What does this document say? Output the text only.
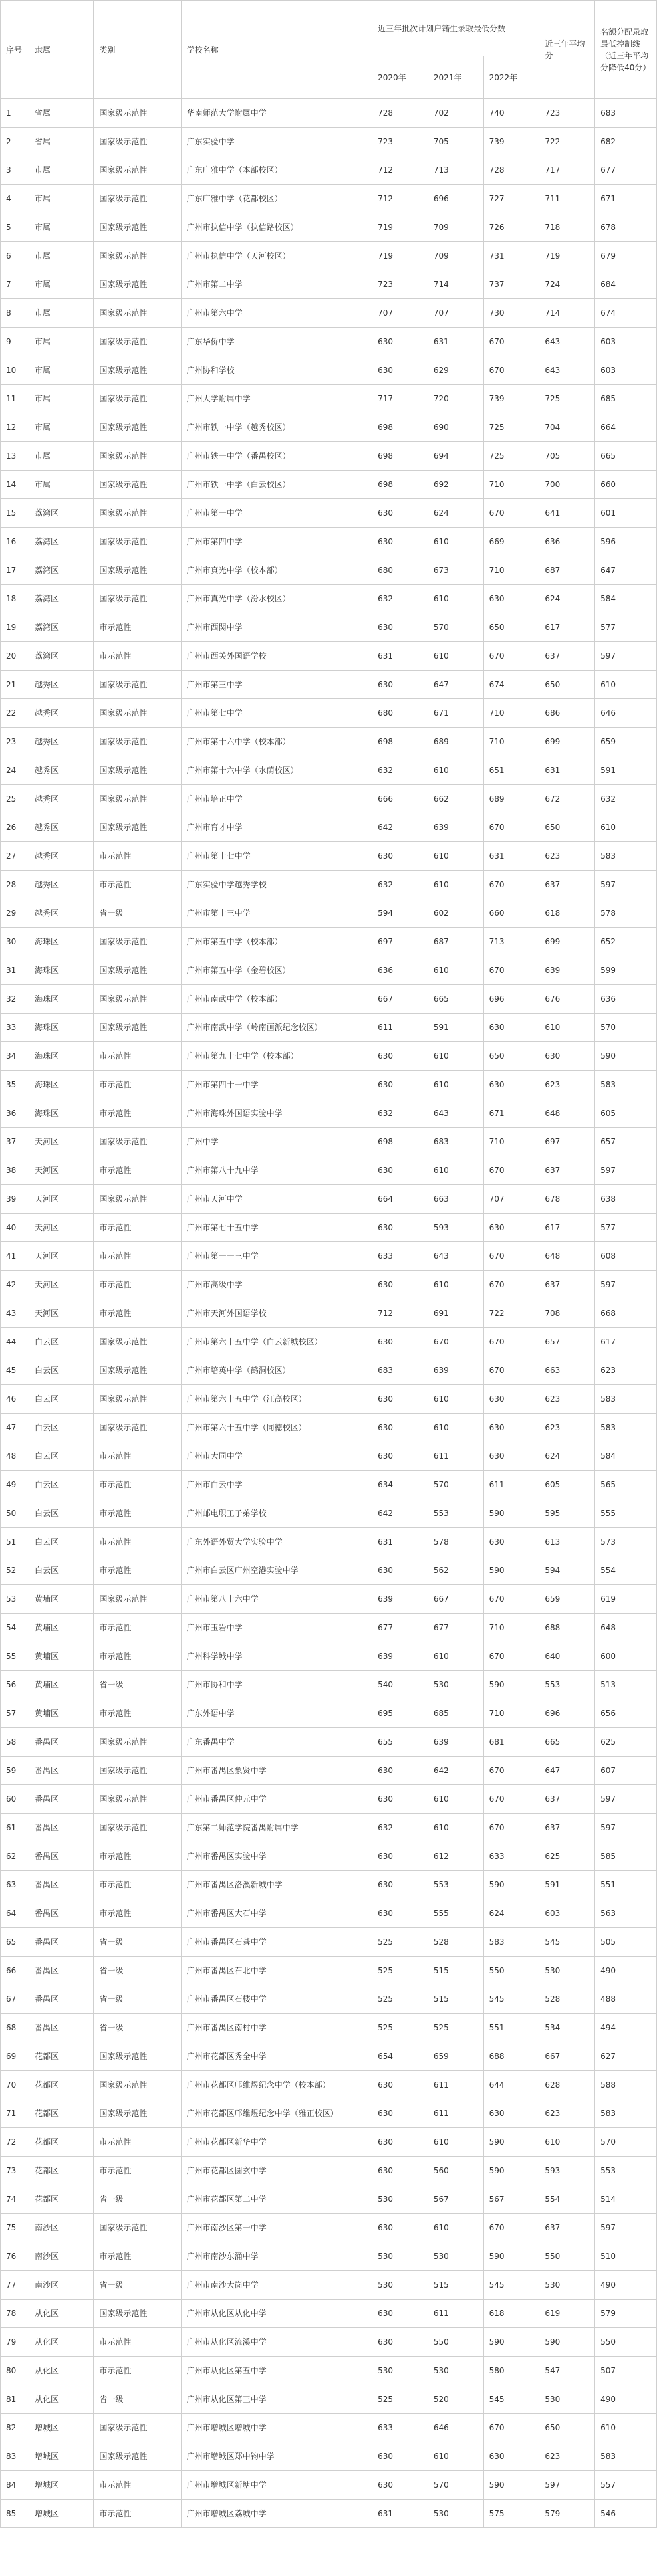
序号	隶属	类别	学校名称	近三年批次计划户籍生录取最低分数			近三年平均分	名额分配录取最低控制线（近三年平均分降低40分）
				2020年	2021年	2022年		
1	省属	国家级示范性	华南师范大学附属中学	728	702	740	723	683
2	省属	国家级示范性	广东实验中学	723	705	739	722	682
3	市属	国家级示范性	广东广雅中学（本部校区）	712	713	728	717	677
4	市属	国家级示范性	广东广雅中学（花都校区）	712	696	727	711	671
5	市属	国家级示范性	广州市执信中学（执信路校区）	719	709	726	718	678
6	市属	国家级示范性	广州市执信中学（天河校区）	719	709	731	719	679
7	市属	国家级示范性	广州市第二中学	723	714	737	724	684
8	市属	国家级示范性	广州市第六中学	707	707	730	714	674
9	市属	国家级示范性	广东华侨中学	630	631	670	643	603
10	市属	国家级示范性	广州协和学校	630	629	670	643	603
11	市属	国家级示范性	广州大学附属中学	717	720	739	725	685
12	市属	国家级示范性	广州市铁一中学（越秀校区）	698	690	725	704	664
13	市属	国家级示范性	广州市铁一中学（番禺校区）	698	694	725	705	665
14	市属	国家级示范性	广州市铁一中学（白云校区）	698	692	710	700	660
15	荔湾区	国家级示范性	广州市第一中学	630	624	670	641	601
16	荔湾区	国家级示范性	广州市第四中学	630	610	669	636	596
17	荔湾区	国家级示范性	广州市真光中学（校本部）	680	673	710	687	647
18	荔湾区	国家级示范性	广州市真光中学（汾水校区）	632	610	630	624	584
19	荔湾区	市示范性	广州市西関中学	630	570	650	617	577
20	荔湾区	市示范性	广州市西关外国语学校	631	610	670	637	597
21	越秀区	国家级示范性	广州市第三中学	630	647	674	650	610
22	越秀区	国家级示范性	广州市第七中学	680	671	710	686	646
23	越秀区	国家级示范性	广州市第十六中学（校本部）	698	689	710	699	659
24	越秀区	国家级示范性	广州市第十六中学（水荫校区）	632	610	651	631	591
25	越秀区	国家级示范性	广州市培正中学	666	662	689	672	632
26	越秀区	国家级示范性	广州市育才中学	642	639	670	650	610
27	越秀区	市示范性	广州市第十七中学	630	610	631	623	583
28	越秀区	市示范性	广东实验中学越秀学校	632	610	670	637	597
29	越秀区	省一级	广州市第十三中学	594	602	660	618	578
30	海珠区	国家级示范性	广州市第五中学（校本部）	697	687	713	699	652
31	海珠区	国家级示范性	广州市第五中学（金碧校区）	636	610	670	639	599
32	海珠区	国家级示范性	广州市南武中学（校本部）	667	665	696	676	636
33	海珠区	国家级示范性	广州市南武中学（岭南画派纪念校区）	611	591	630	610	570
34	海珠区	市示范性	广州市第九十七中学（校本部）	630	610	650	630	590
35	海珠区	市示范性	广州市第四十一中学	630	610	630	623	583
36	海珠区	市示范性	广州市海珠外国语实验中学	632	643	671	648	605
37	天河区	国家级示范性	广州中学	698	683	710	697	657
38	天河区	市示范性	广州市第八十九中学	630	610	670	637	597
39	天河区	国家级示范性	广州市天河中学	664	663	707	678	638
40	天河区	市示范性	广州市第七十五中学	630	593	630	617	577
41	天河区	市示范性	广州市第一一三中学	633	643	670	648	608
42	天河区	市示范性	广州市高级中学	630	610	670	637	597
43	天河区	市示范性	广州市天河外国语学校	712	691	722	708	668
44	白云区	国家级示范性	广州市第六十五中学（白云新城校区）	630	670	670	657	617
45	白云区	国家级示范性	广州市培英中学（鹤洞校区）	683	639	670	663	623
46	白云区	国家级示范性	广州市第六十五中学（江高校区）	630	610	630	623	583
47	白云区	国家级示范性	广州市第六十五中学（同德校区）	630	610	630	623	583
48	白云区	市示范性	广州市大同中学	630	611	630	624	584
49	白云区	市示范性	广州市白云中学	634	570	611	605	565
50	白云区	市示范性	广州邮电职工子弟学校	642	553	590	595	555
51	白云区	市示范性	广东外语外贸大学实验中学	631	578	630	613	573
52	白云区	市示范性	广州市白云区广州空港实验中学	630	562	590	594	554
53	黄埔区	国家级示范性	广州市第八十六中学	639	667	670	659	619
54	黄埔区	市示范性	广州市玉岩中学	677	677	710	688	648
55	黄埔区	市示范性	广州科学城中学	639	610	670	640	600
56	黄埔区	省一级	广州市协和中学	540	530	590	553	513
57	黄埔区	市示范性	广东外语中学	695	685	710	696	656
58	番禺区	国家级示范性	广东番禺中学	655	639	681	665	625
59	番禺区	国家级示范性	广州市番禺区象贤中学	630	642	670	647	607
60	番禺区	国家级示范性	广州市番禺区仲元中学	630	610	670	637	597
61	番禺区	国家级示范性	广东第二师范学院番禺附属中学	632	610	670	637	597
62	番禺区	市示范性	广州市番禺区实验中学	630	612	633	625	585
63	番禺区	市示范性	广州市番禺区洛溪新城中学	630	553	590	591	551
64	番禺区	市示范性	广州市番禺区大石中学	630	555	624	603	563
65	番禺区	省一级	广州市番禺区石碁中学	525	528	583	545	505
66	番禺区	省一级	广州市番禺区石北中学	525	515	550	530	490
67	番禺区	省一级	广州市番禺区石楼中学	525	515	545	528	488
68	番禺区	省一级	广州市番禺区南村中学	525	525	551	534	494
69	花都区	国家级示范性	广州市花都区秀全中学	654	659	688	667	627
70	花都区	国家级示范性	广州市花都区邝维煜纪念中学（校本部）	630	611	644	628	588
71	花都区	国家级示范性	广州市花都区邝维煜纪念中学（雅正校区）	630	611	630	623	583
72	花都区	市示范性	广州市花都区新华中学	630	610	590	610	570
73	花都区	市示范性	广州市花都区圆玄中学	630	560	590	593	553
74	花都区	省一级	广州市花都区第二中学	530	567	567	554	514
75	南沙区	国家级示范性	广州市南沙区第一中学	630	610	670	637	597
76	南沙区	市示范性	广州市南沙东涌中学	530	530	590	550	510
77	南沙区	省一级	广州市南沙大岗中学	530	515	545	530	490
78	从化区	国家级示范性	广州市从化区从化中学	630	611	618	619	579
79	从化区	市示范性	广州市从化区流溪中学	630	550	590	590	550
80	从化区	市示范性	广州市从化区第五中学	530	530	580	547	507
81	从化区	省一级	广州市从化区第三中学	525	520	545	530	490
82	增城区	国家级示范性	广州市增城区增城中学	633	646	670	650	610
83	增城区	国家级示范性	广州市增城区郑中钧中学	630	610	630	623	583
84	增城区	市示范性	广州市增城区新塘中学	630	570	590	597	557
85	增城区	市示范性	广州市增城区荔城中学	631	530	575	579	546
